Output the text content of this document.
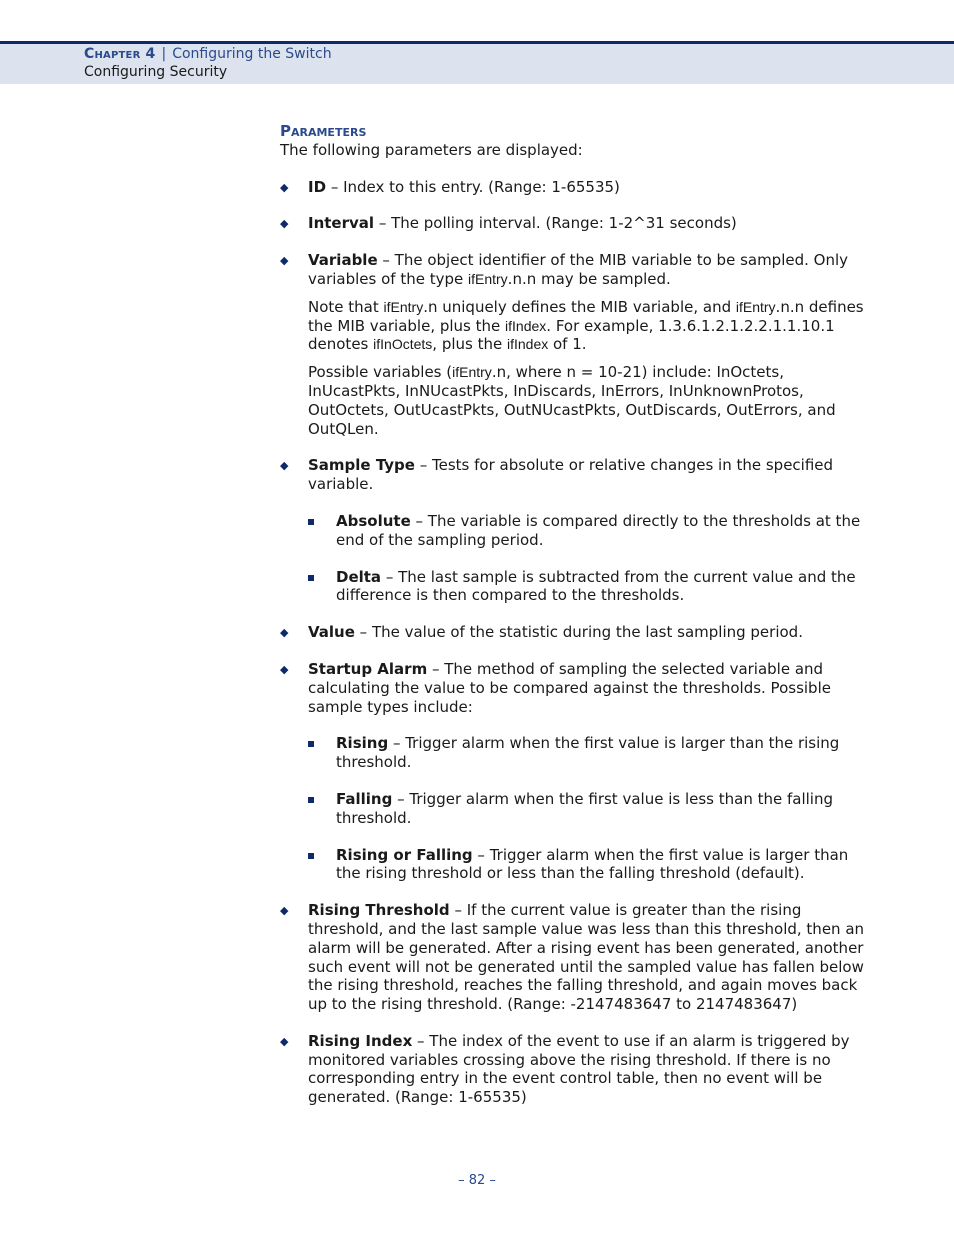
Chapter 4 | Configuring the Switch
Configuring Security

Parameters

The following parameters are displayed:

◆ ID – Index to this entry. (Range: 1-65535)

◆ Interval – The polling interval. (Range: 1-2^31 seconds)

◆ Variable – The object identifier of the MIB variable to be sampled. Only variables of the type ifEntry.n.n may be sampled.

Note that ifEntry.n uniquely defines the MIB variable, and ifEntry.n.n defines the MIB variable, plus the ifIndex. For example, 1.3.6.1.2.1.2.2.1.1.10.1 denotes ifInOctets, plus the ifIndex of 1.

Possible variables (ifEntry.n, where n = 10-21) include: InOctets, InUcastPkts, InNUcastPkts, InDiscards, InErrors, InUnknownProtos, OutOctets, OutUcastPkts, OutNUcastPkts, OutDiscards, OutErrors, and OutQLen.

◆ Sample Type – Tests for absolute or relative changes in the specified variable.

Absolute – The variable is compared directly to the thresholds at the end of the sampling period.

Delta – The last sample is subtracted from the current value and the difference is then compared to the thresholds.

◆ Value – The value of the statistic during the last sampling period.

◆ Startup Alarm – The method of sampling the selected variable and calculating the value to be compared against the thresholds. Possible sample types include:

Rising – Trigger alarm when the first value is larger than the rising threshold.

Falling – Trigger alarm when the first value is less than the falling threshold.

Rising or Falling – Trigger alarm when the first value is larger than the rising threshold or less than the falling threshold (default).

◆ Rising Threshold – If the current value is greater than the rising threshold, and the last sample value was less than this threshold, then an alarm will be generated. After a rising event has been generated, another such event will not be generated until the sampled value has fallen below the rising threshold, reaches the falling threshold, and again moves back up to the rising threshold. (Range: -2147483647 to 2147483647)

◆ Rising Index – The index of the event to use if an alarm is triggered by monitored variables crossing above the rising threshold. If there is no corresponding entry in the event control table, then no event will be generated. (Range: 1-65535)

– 82 –
